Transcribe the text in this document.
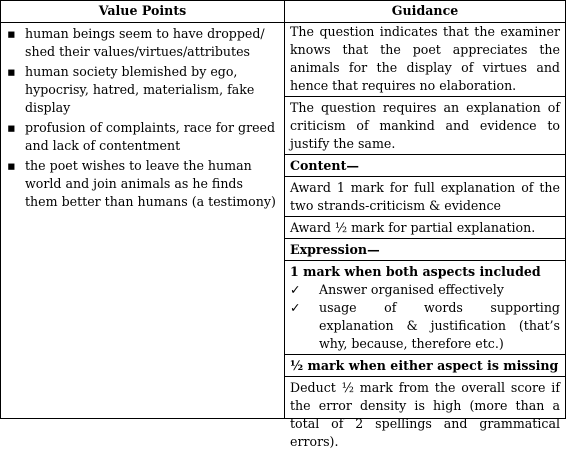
Value Points	Guidance
▪ human beings seem to have dropped/ shed their values/virtues/attributes
▪ human society blemished by ego, hypocrisy, hatred, materialism, fake display
▪ profusion of complaints, race for greed and lack of contentment
▪ the poet wishes to leave the human world and join animals as he finds them better than humans (a testimony)
The question indicates that the examiner knows that the poet appreciates the animals for the display of virtues and hence that requires no elaboration.
The question requires an explanation of criticism of mankind and evidence to justify the same.
Content—
Award 1 mark for full explanation of the two strands-criticism & evidence
Award ½ mark for partial explanation.
Expression—
1 mark when both aspects included
✓ Answer organised effectively
✓ usage of words supporting explanation & justification (that’s why, because, therefore etc.)
½ mark when either aspect is missing
Deduct ½ mark from the overall score if the error density is high (more than a total of 2 spellings and grammatical errors).
